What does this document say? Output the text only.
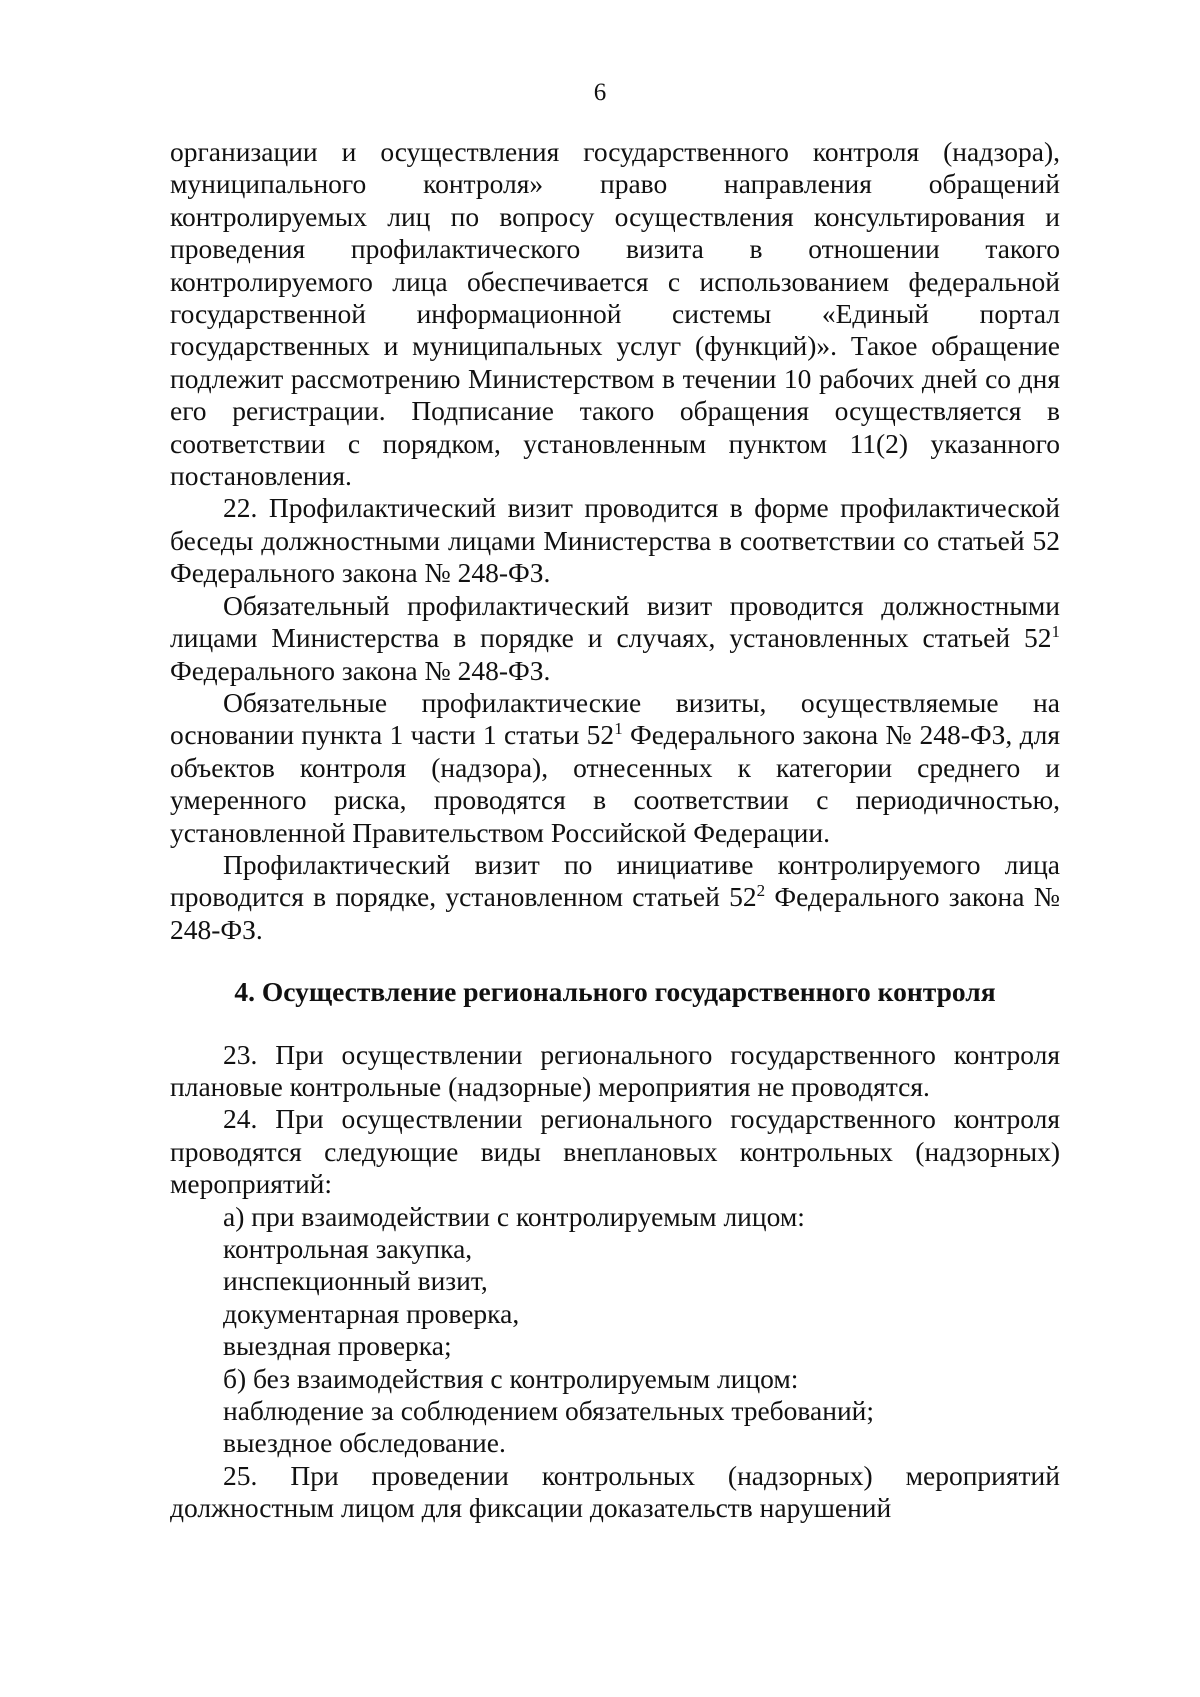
6

организации и осуществления государственного контроля (надзора), муниципального контроля» право направления обращений контролируемых лиц по вопросу осуществления консультирования и проведения профилактического визита в отношении такого контролируемого лица обеспечивается с использованием федеральной государственной информационной системы «Единый портал государственных и муниципальных услуг (функций)». Такое обращение подлежит рассмотрению Министерством в течении 10 рабочих дней со дня его регистрации. Подписание такого обращения осуществляется в соответствии с порядком, установленным пунктом 11(2) указанного постановления.

22. Профилактический визит проводится в форме профилактической беседы должностными лицами Министерства в соответствии со статьей 52 Федерального закона № 248-ФЗ.

Обязательный профилактический визит проводится должностными лицами Министерства в порядке и случаях, установленных статьей $52^1$ Федерального закона № 248-ФЗ.

Обязательные профилактические визиты, осуществляемые на основании пункта 1 части 1 статьи $52^1$ Федерального закона № 248-ФЗ, для объектов контроля (надзора), отнесенных к категории среднего и умеренного риска, проводятся в соответствии с периодичностью, установленной Правительством Российской Федерации.

Профилактический визит по инициативе контролируемого лица проводится в порядке, установленном статьей $52^2$ Федерального закона № 248-ФЗ.

4. Осуществление регионального государственного контроля

23. При осуществлении регионального государственного контроля плановые контрольные (надзорные) мероприятия не проводятся.

24. При осуществлении регионального государственного контроля проводятся следующие виды внеплановых контрольных (надзорных) мероприятий:

а) при взаимодействии с контролируемым лицом:

контрольная закупка,

инспекционный визит,

документарная проверка,

выездная проверка;

б) без взаимодействия с контролируемым лицом:

наблюдение за соблюдением обязательных требований;

выездное обследование.

25. При проведении контрольных (надзорных) мероприятий должностным лицом для фиксации доказательств нарушений
